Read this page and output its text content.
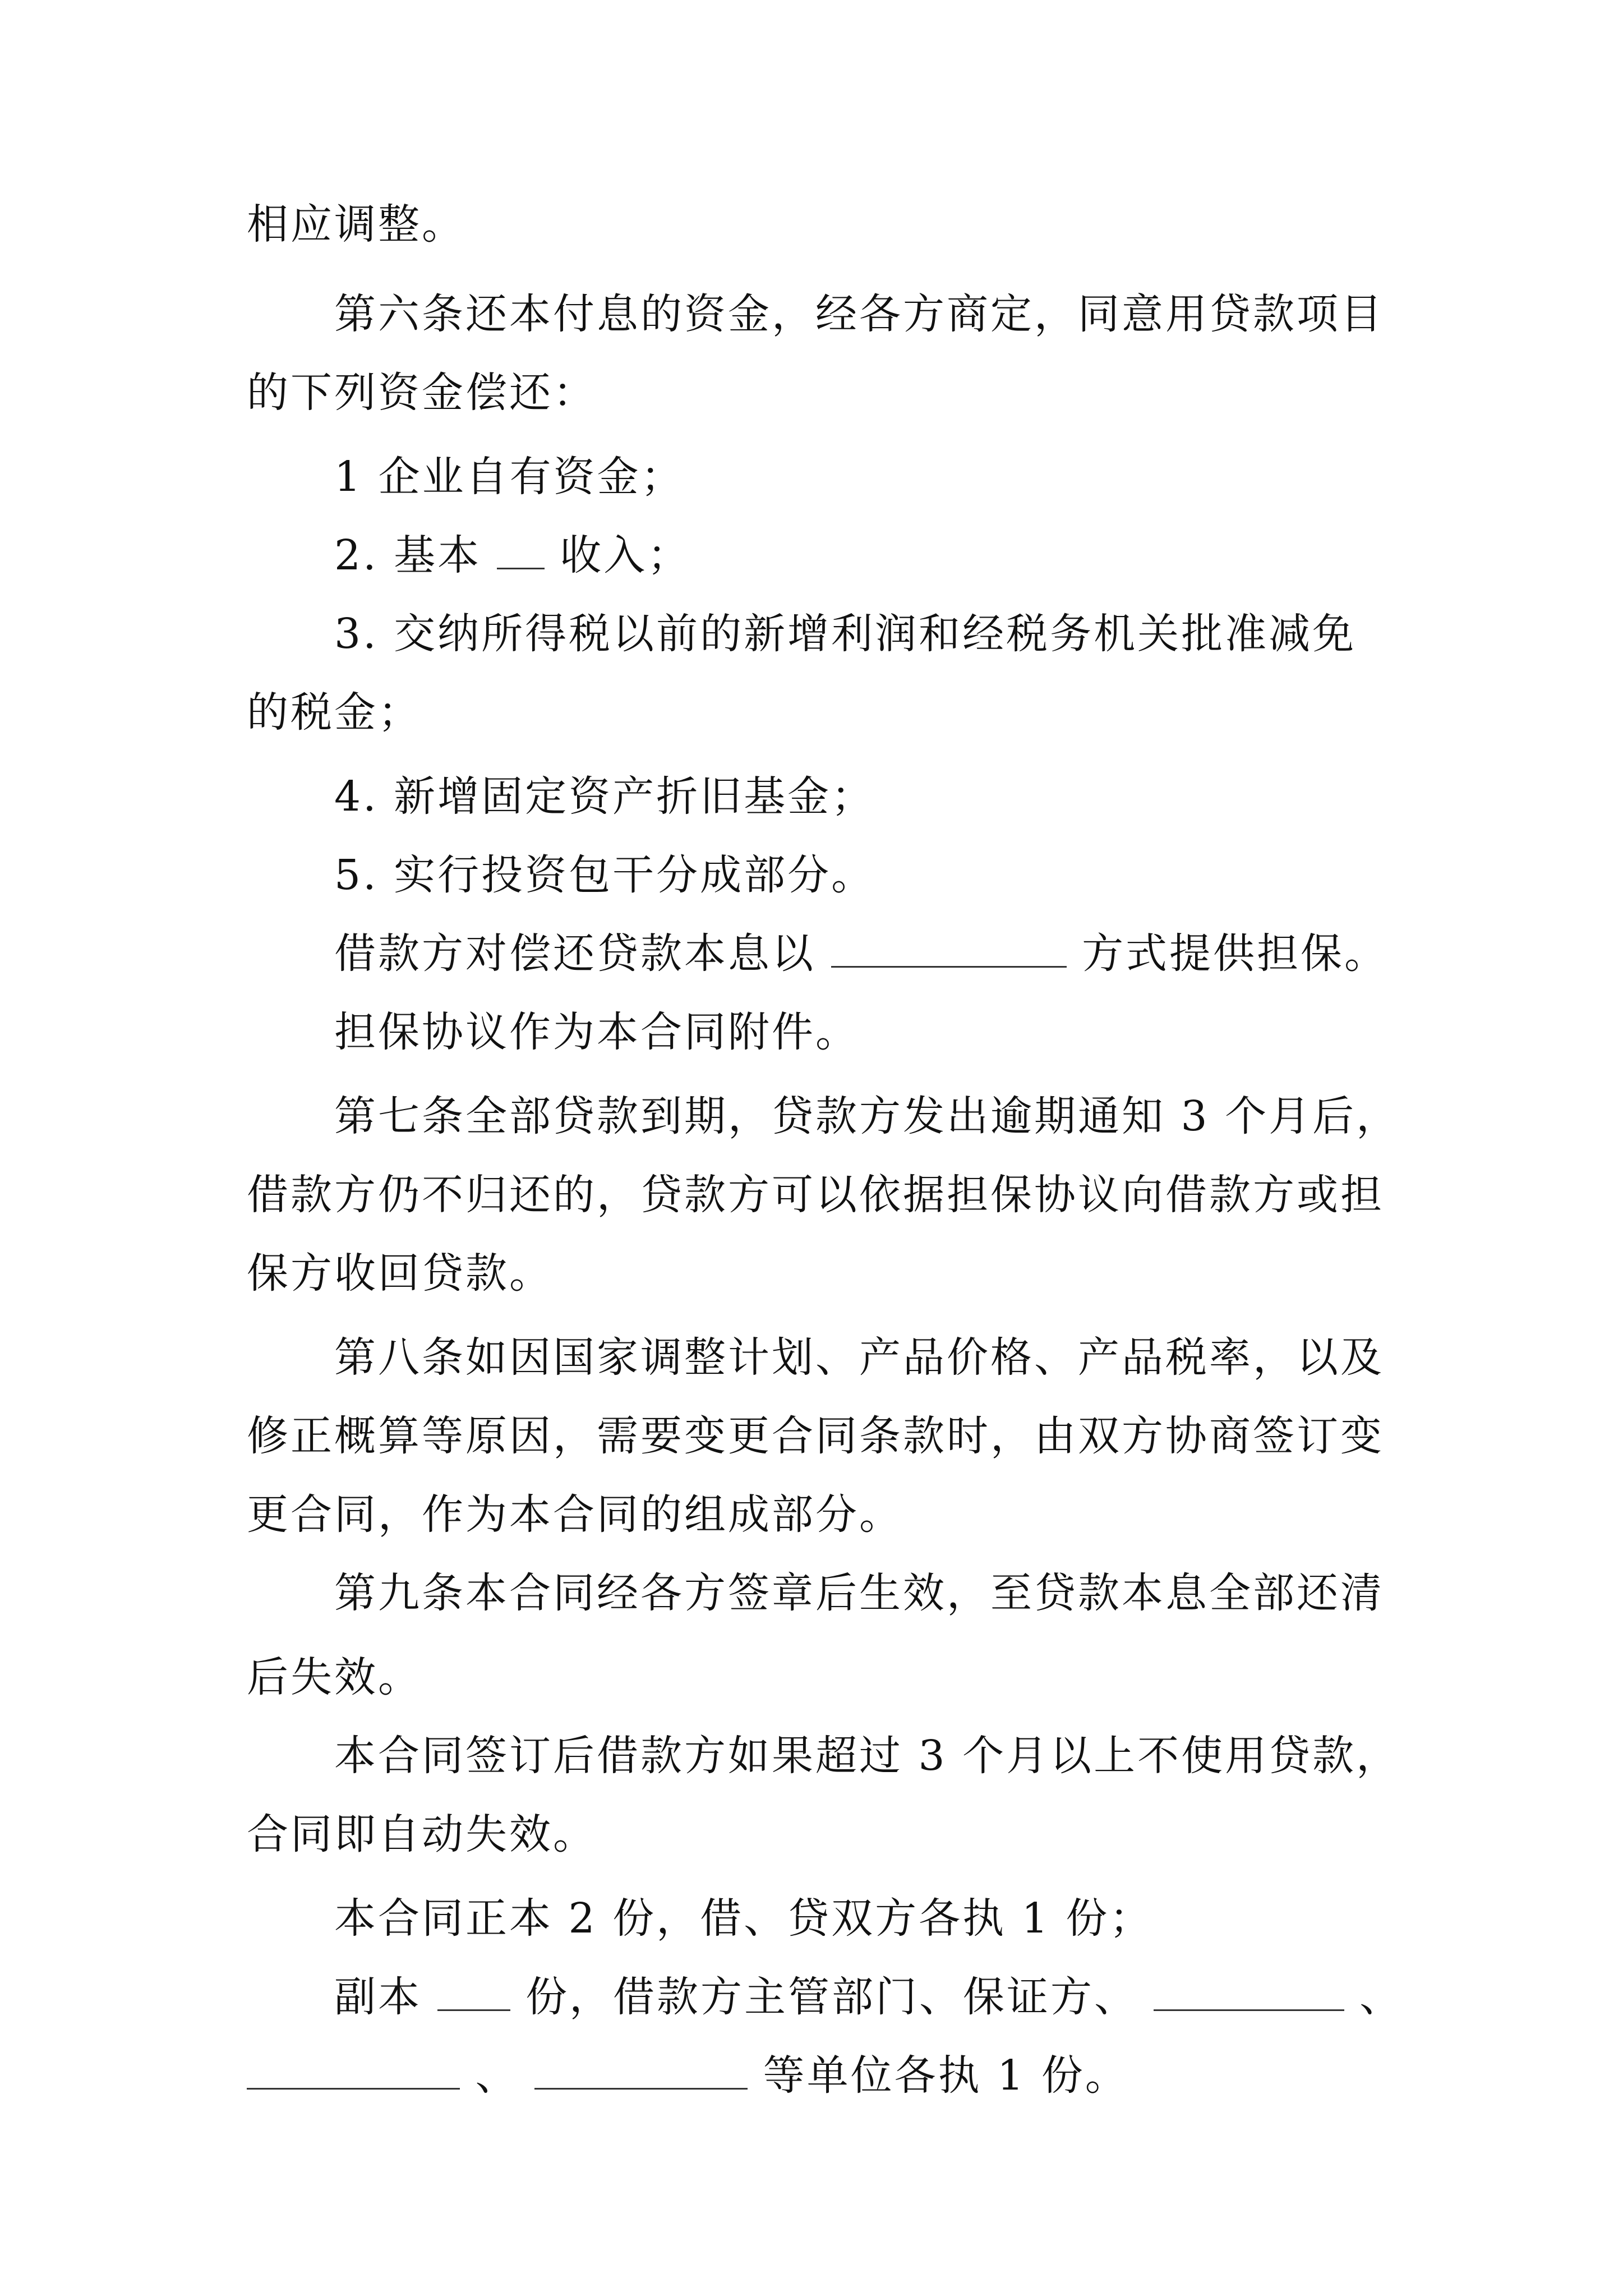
相应调整。
第六条还本付息的资金，经各方商定，同意用贷款项目
的下列资金偿还：
1 企业自有资金；
2. 基本 收入；
3. 交纳所得税以前的新增利润和经税务机关批准减免
的税金；
4. 新增固定资产折旧基金；
5. 实行投资包干分成部分。
借款方对偿还贷款本息以	方式提供担保。
担保协议作为本合同附件。
第七条全部贷款到期，贷款方发出逾期通知 3 个月后，
借款方仍不归还的，贷款方可以依据担保协议向借款方或担
保方收回贷款。
第八条如因国家调整计划、产品价格、产品税率，以及
修正概算等原因，需要变更合同条款时，由双方协商签订变
更合同，作为本合同的组成部分。
第九条本合同经各方签章后生效，至贷款本息全部还清
后失效。
本合同签订后借款方如果超过 3 个月以上不使用贷款，
合同即自动失效。
本合同正本 2 份，借、贷双方各执 1 份；
副本	份，借款方主管部门、保证方、	、
、	等单位各执 1 份。
